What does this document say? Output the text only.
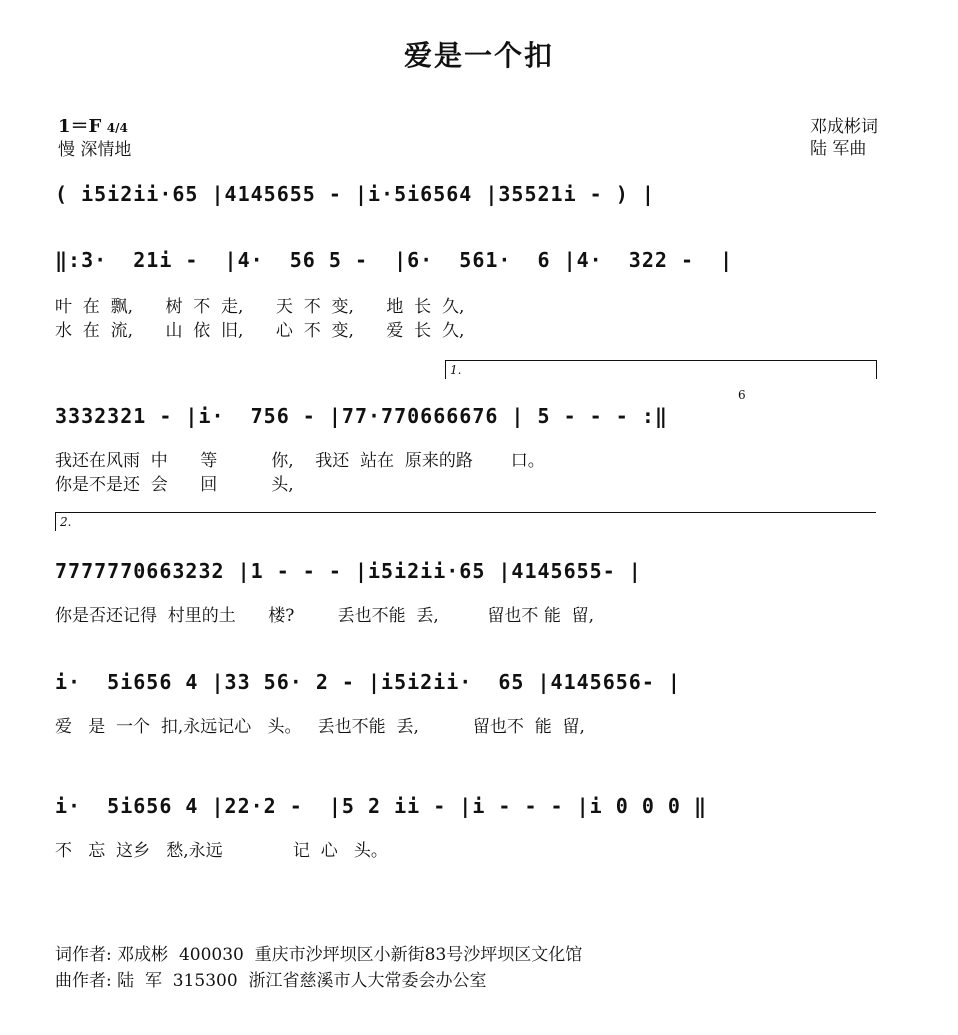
爱是一个扣
1＝F 4/4
慢 深情地
邓成彬词
陆 军曲
( i5i2ii·65 |4145655 - |i·5i6564 |35521i - ) |
‖:3·  21i -  |4·  56 5 -  |6·  561·  6 |4·  322 -  |
叶  在  飘,      树  不  走,      天  不  变,      地  长  久,
水  在  流,      山  依  旧,      心  不  变,      爱  长  久,
1.
3332321 - |i·  756 - |77·770666676 | 5 - - - :‖
我还在风雨  中      等          你,    我还  站在  原来的路       口。
你是不是还  会      回          头,
6
2.
7777770663232 |1 - - - |i5i2ii·65 |4145655- |
你是否还记得  村里的土      楼?        丢也不能  丢,         留也不 能  留,
i·  5i656 4 |33 56· 2 - |i5i2ii·  65 |4145656- |
爱   是  一个  扣,永远记心   头。   丢也不能  丢,          留也不  能  留,
i·  5i656 4 |22·2 -  |5 2 ii - |i - - - |i 0 0 0 ‖
不   忘  这乡   愁,永远             记  心   头。
词作者: 邓成彬  400030  重庆市沙坪坝区小新街83号沙坪坝区文化馆
曲作者: 陆  军  315300  浙江省慈溪市人大常委会办公室
